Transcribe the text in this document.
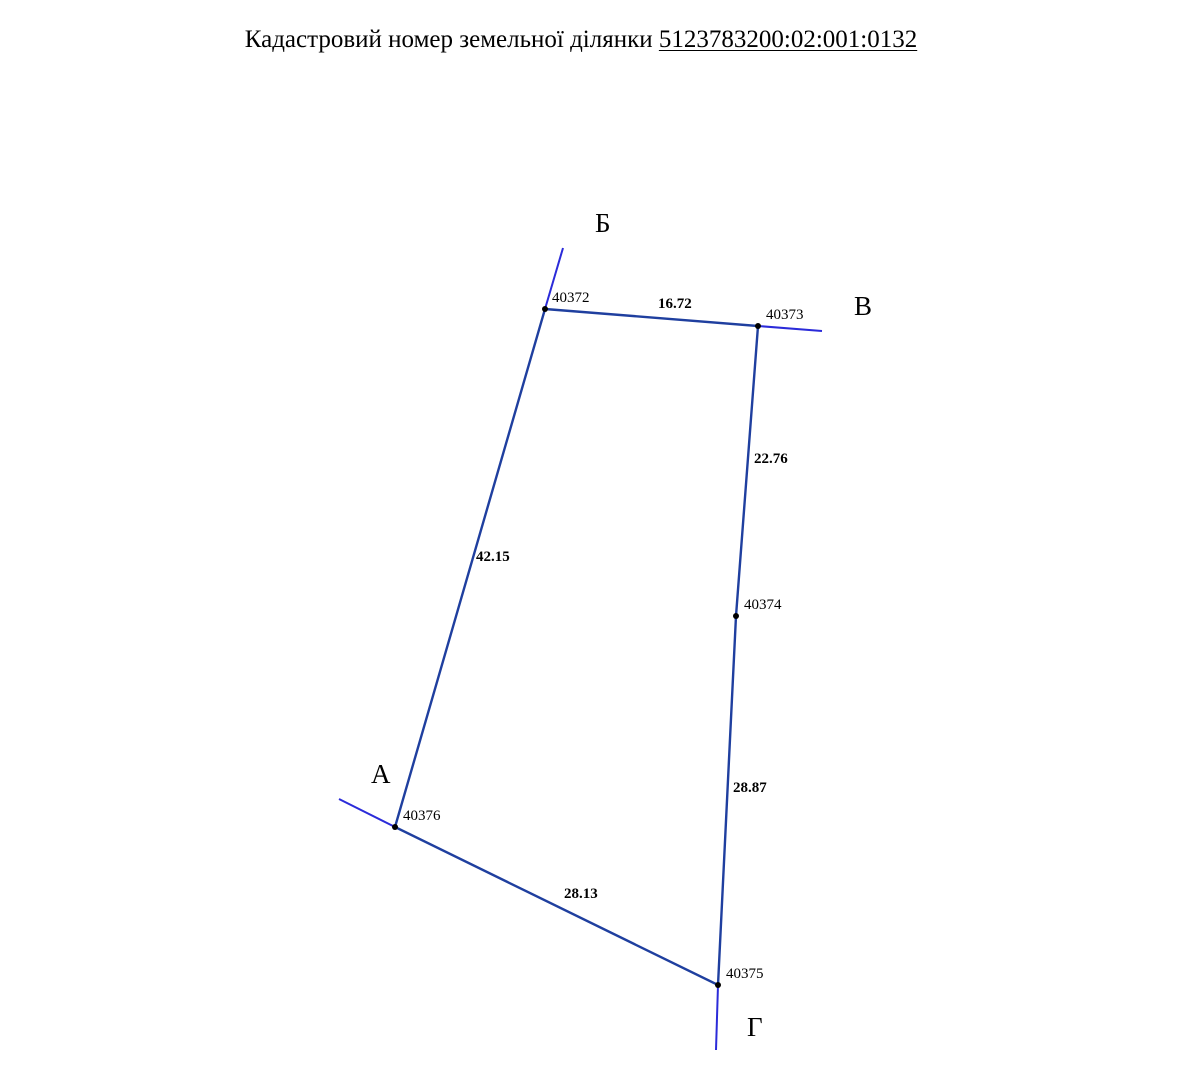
Кадастровий номер земельної ділянки 5123783200:02:001:0132
40372
40373
40374
40375
40376
16.72
22.76
28.87
28.13
42.15
А
Б
В
Г
